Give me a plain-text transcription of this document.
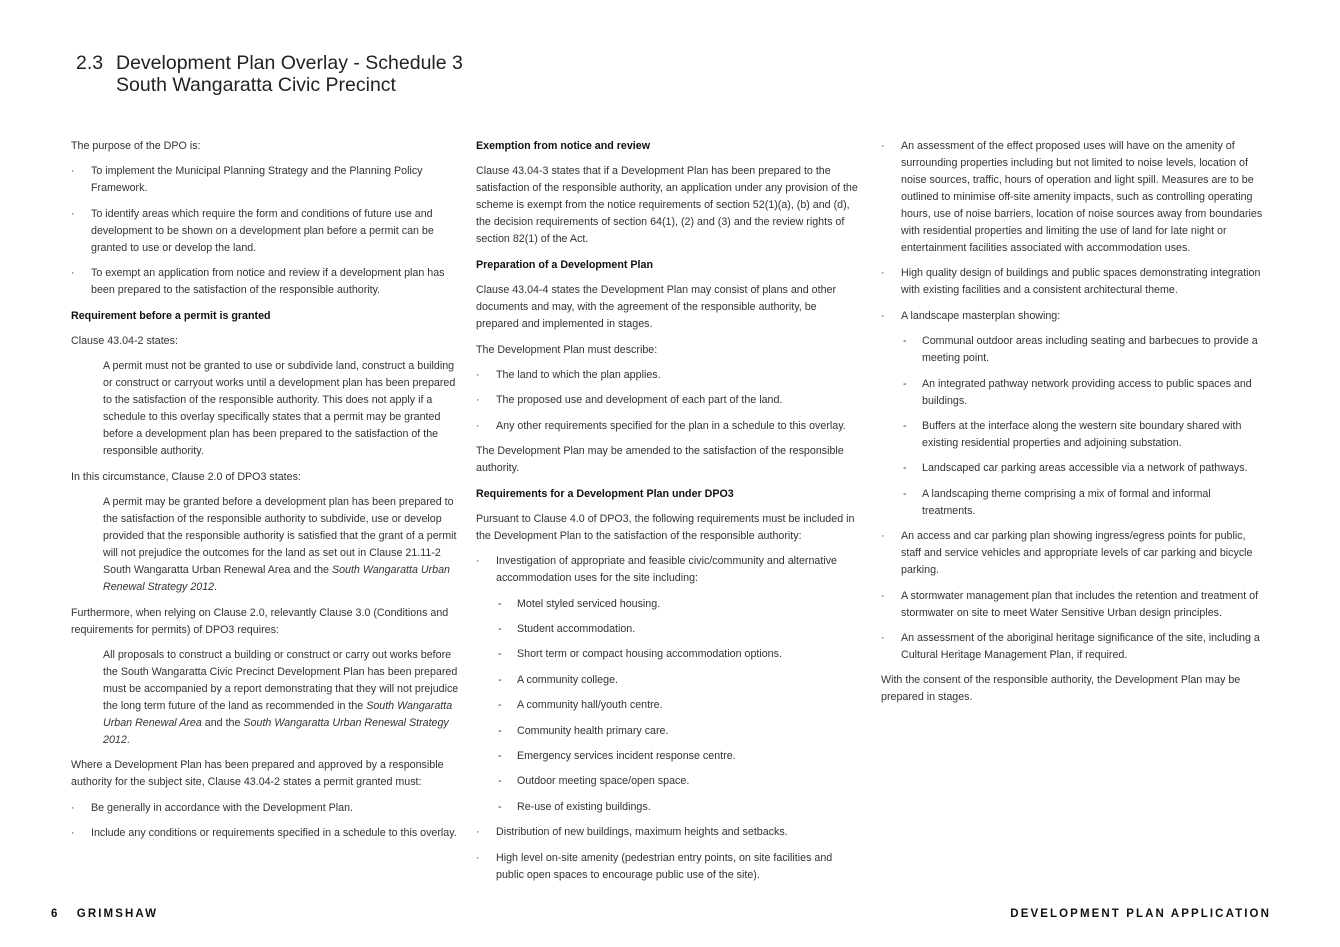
2.3 Development Plan Overlay - Schedule 3
South Wangaratta Civic Precinct

The purpose of the DPO is:

· To implement the Municipal Planning Strategy and the Planning Policy Framework.
· To identify areas which require the form and conditions of future use and development to be shown on a development plan before a permit can be granted to use or develop the land.
· To exempt an application from notice and review if a development plan has been prepared to the satisfaction of the responsible authority.

Requirement before a permit is granted

Clause 43.04-2 states:

A permit must not be granted to use or subdivide land, construct a building or construct or carryout works until a development plan has been prepared to the satisfaction of the responsible authority. This does not apply if a schedule to this overlay specifically states that a permit may be granted before a development plan has been prepared to the satisfaction of the responsible authority.

In this circumstance, Clause 2.0 of DPO3 states:

A permit may be granted before a development plan has been prepared to the satisfaction of the responsible authority to subdivide, use or develop provided that the responsible authority is satisfied that the grant of a permit will not prejudice the outcomes for the land as set out in Clause 21.11-2 South Wangaratta Urban Renewal Area and the South Wangaratta Urban Renewal Strategy 2012.

Furthermore, when relying on Clause 2.0, relevantly Clause 3.0 (Conditions and requirements for permits) of DPO3 requires:

All proposals to construct a building or construct or carry out works before the South Wangaratta Civic Precinct Development Plan has been prepared must be accompanied by a report demonstrating that they will not prejudice the long term future of the land as recommended in the South Wangaratta Urban Renewal Area and the South Wangaratta Urban Renewal Strategy 2012.

Where a Development Plan has been prepared and approved by a responsible authority for the subject site, Clause 43.04-2 states a permit granted must:

· Be generally in accordance with the Development Plan.
· Include any conditions or requirements specified in a schedule to this overlay.

Exemption from notice and review

Clause 43.04-3 states that if a Development Plan has been prepared to the satisfaction of the responsible authority, an application under any provision of the scheme is exempt from the notice requirements of section 52(1)(a), (b) and (d), the decision requirements of section 64(1), (2) and (3) and the review rights of section 82(1) of the Act.

Preparation of a Development Plan

Clause 43.04-4 states the Development Plan may consist of plans and other documents and may, with the agreement of the responsible authority, be prepared and implemented in stages.

The Development Plan must describe:

· The land to which the plan applies.
· The proposed use and development of each part of the land.
· Any other requirements specified for the plan in a schedule to this overlay.

The Development Plan may be amended to the satisfaction of the responsible authority.

Requirements for a Development Plan under DPO3

Pursuant to Clause 4.0 of DPO3, the following requirements must be included in the Development Plan to the satisfaction of the responsible authority:

· Investigation of appropriate and feasible civic/community and alternative accommodation uses for the site including:
- Motel styled serviced housing.
- Student accommodation.
- Short term or compact housing accommodation options.
- A community college.
- A community hall/youth centre.
- Community health primary care.
- Emergency services incident response centre.
- Outdoor meeting space/open space.
- Re-use of existing buildings.
· Distribution of new buildings, maximum heights and setbacks.
· High level on-site amenity (pedestrian entry points, on site facilities and public open spaces to encourage public use of the site).
· An assessment of the effect proposed uses will have on the amenity of surrounding properties including but not limited to noise levels, location of noise sources, traffic, hours of operation and light spill. Measures are to be outlined to minimise off-site amenity impacts, such as controlling operating hours, use of noise barriers, location of noise sources away from boundaries with residential properties and limiting the use of land for late night or entertainment facilities associated with accommodation uses.
· High quality design of buildings and public spaces demonstrating integration with existing facilities and a consistent architectural theme.
· A landscape masterplan showing:
- Communal outdoor areas including seating and barbecues to provide a meeting point.
- An integrated pathway network providing access to public spaces and buildings.
- Buffers at the interface along the western site boundary shared with existing residential properties and adjoining substation.
- Landscaped car parking areas accessible via a network of pathways.
- A landscaping theme comprising a mix of formal and informal treatments.
· An access and car parking plan showing ingress/egress points for public, staff and service vehicles and appropriate levels of car parking and bicycle parking.
· A stormwater management plan that includes the retention and treatment of stormwater on site to meet Water Sensitive Urban design principles.
· An assessment of the aboriginal heritage significance of the site, including a Cultural Heritage Management Plan, if required.

With the consent of the responsible authority, the Development Plan may be prepared in stages.

6 GRIMSHAW	DEVELOPMENT PLAN APPLICATION
